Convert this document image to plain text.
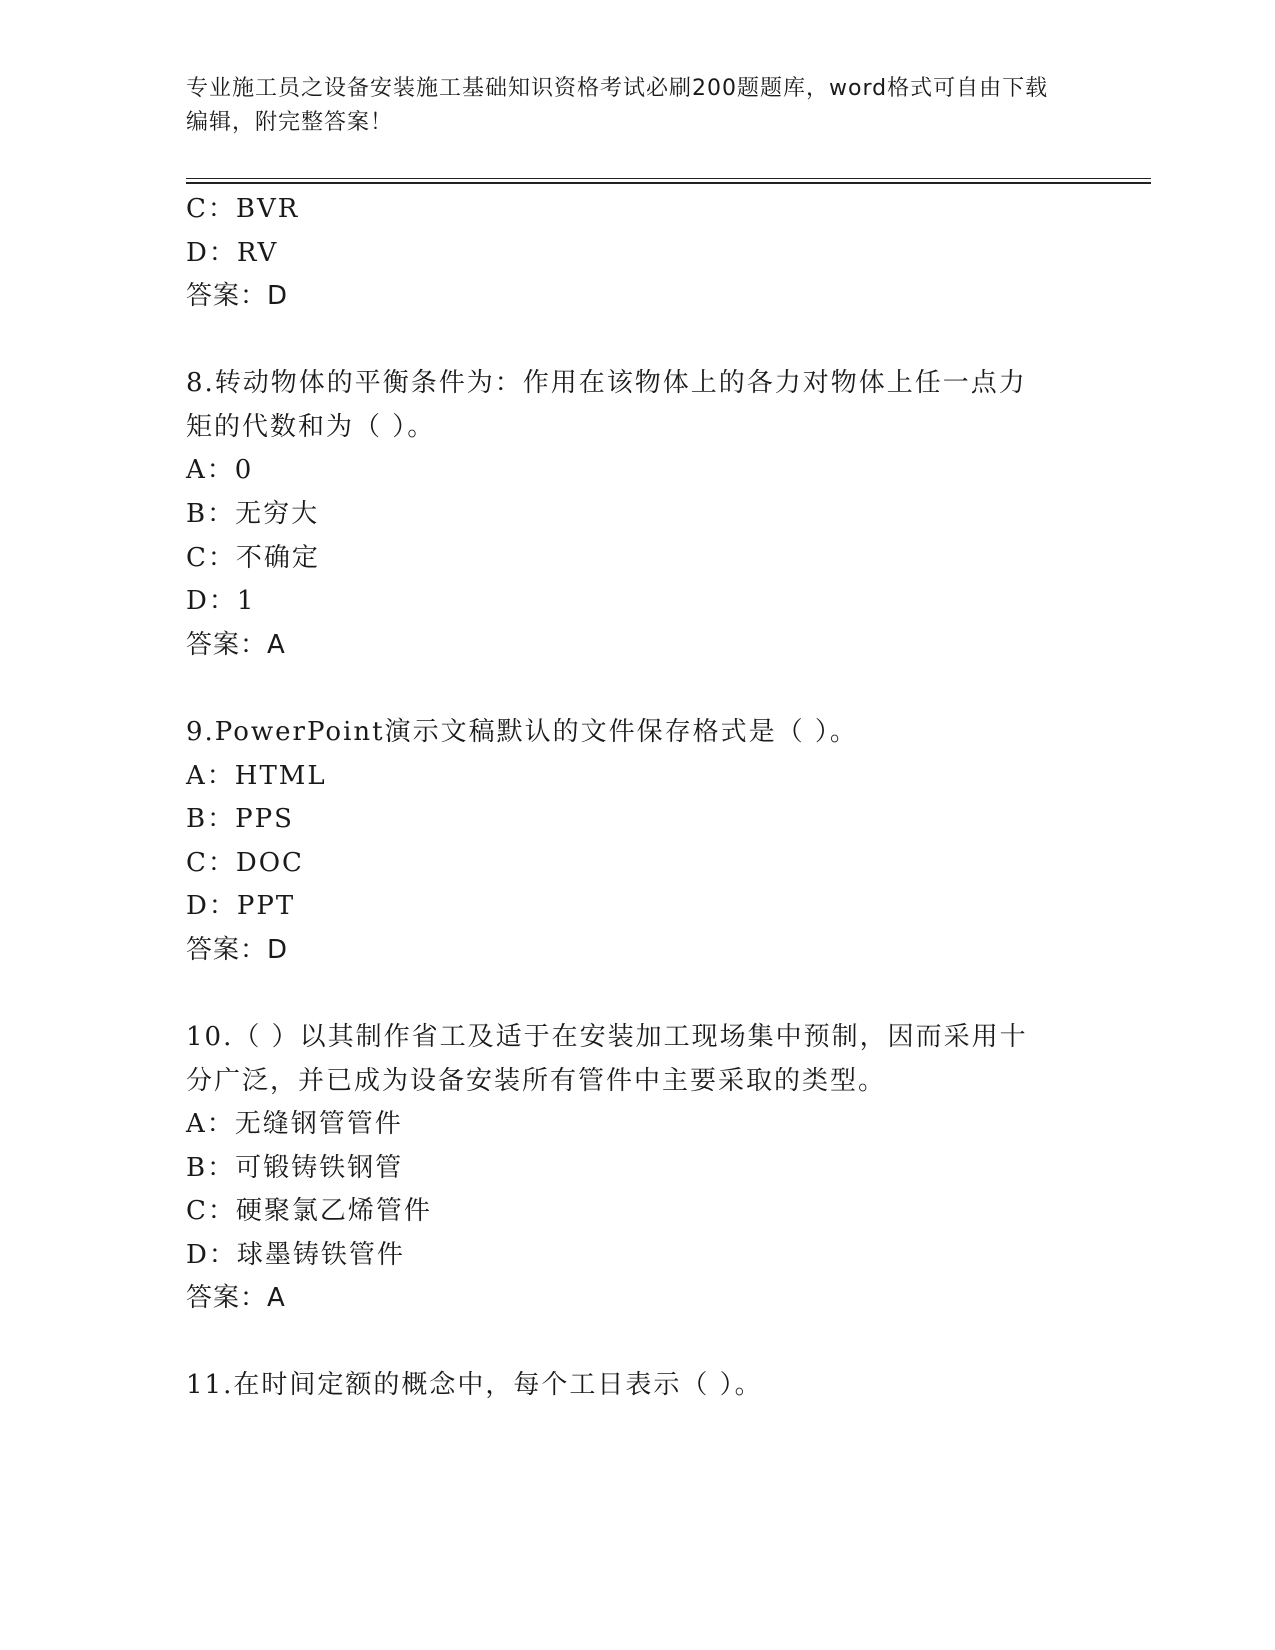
专业施工员之设备安装施工基础知识资格考试必刷200题题库，word格式可自由下载编辑，附完整答案！
C：BVR
D：RV
答案：D
8.转动物体的平衡条件为：作用在该物体上的各力对物体上任一点力
矩的代数和为（ ）。
A：0
B：无穷大
C：不确定
D：1
答案：A
9.PowerPoint演示文稿默认的文件保存格式是（ ）。
A：HTML
B：PPS
C：DOC
D：PPT
答案：D
10.（ ）以其制作省工及适于在安装加工现场集中预制，因而采用十
分广泛，并已成为设备安装所有管件中主要采取的类型。
A：无缝钢管管件
B：可锻铸铁钢管
C：硬聚氯乙烯管件
D：球墨铸铁管件
答案：A
11.在时间定额的概念中，每个工日表示（ ）。
